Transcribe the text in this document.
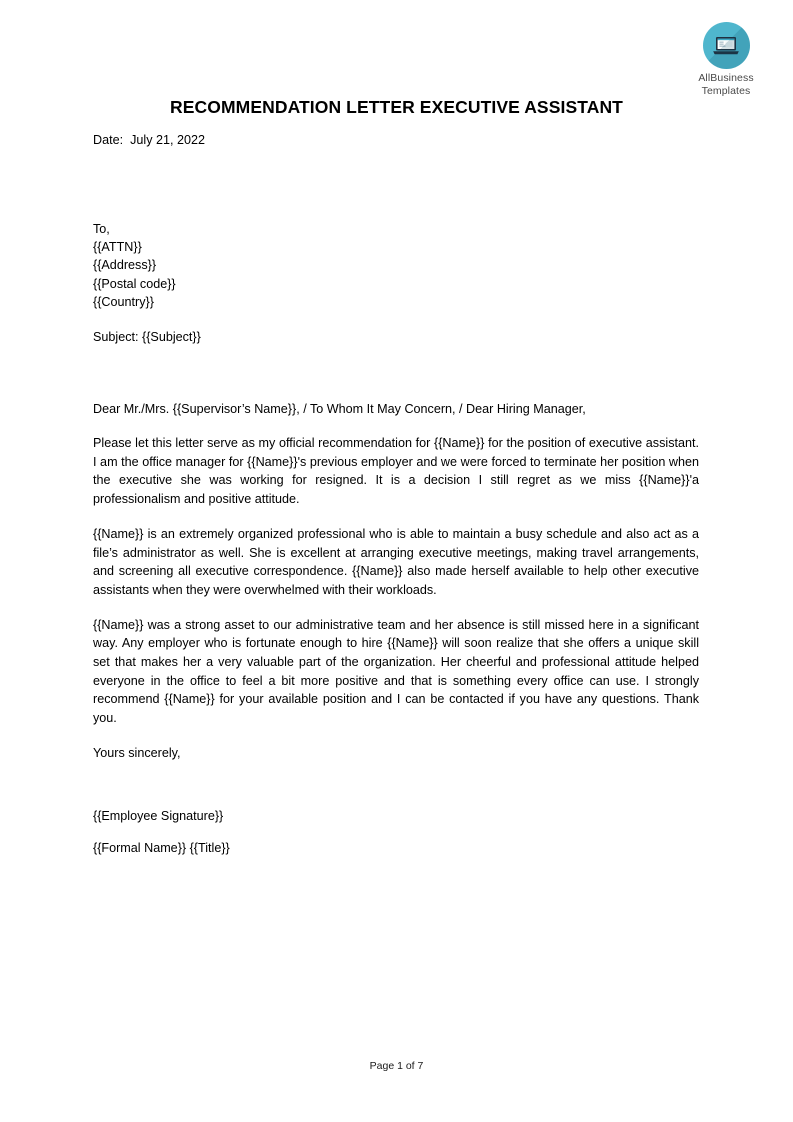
AllBusiness
Templates
RECOMMENDATION LETTER EXECUTIVE ASSISTANT
Date:  July 21, 2022
To,
{{ATTN}}
{{Address}}
{{Postal code}}
{{Country}}
Subject: {{Subject}}
Dear Mr./Mrs. {{Supervisor’s Name}}, / To Whom It May Concern, / Dear Hiring Manager,

Please let this letter serve as my official recommendation for {{Name}} for the position of executive assistant. I am the office manager for {{Name}}'s previous employer and we were forced to terminate her position when the executive she was working for resigned. It is a decision I still regret as we miss {{Name}}'a professionalism and positive attitude.

{{Name}} is an extremely organized professional who is able to maintain a busy schedule and also act as a file’s administrator as well. She is excellent at arranging executive meetings, making travel arrangements, and screening all executive correspondence. {{Name}} also made herself available to help other executive assistants when they were overwhelmed with their workloads.

{{Name}} was a strong asset to our administrative team and her absence is still missed here in a significant way. Any employer who is fortunate enough to hire {{Name}} will soon realize that she offers a unique skill set that makes her a very valuable part of the organization. Her cheerful and professional attitude helped everyone in the office to feel a bit more positive and that is something every office can use. I strongly recommend {{Name}} for your available position and I can be contacted if you have any questions. Thank you.

Yours sincerely,
{{Employee Signature}}
{{Formal Name}} {{Title}}
Page 1 of 7
